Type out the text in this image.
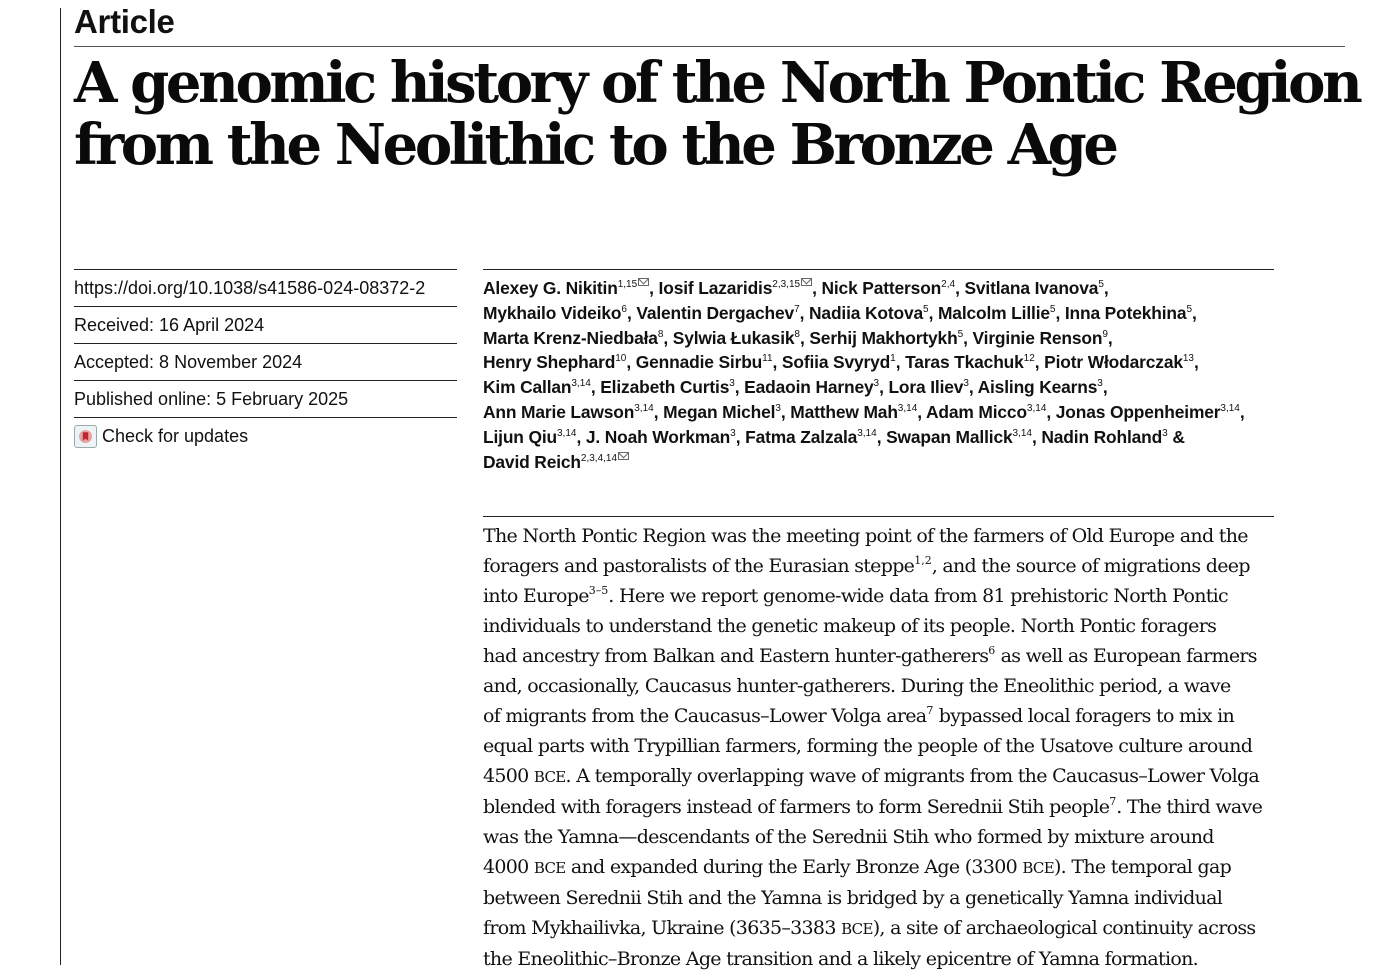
Article
A genomic history of the North Pontic Region
from the Neolithic to the Bronze Age
https://doi.org/10.1038/s41586-024-08372-2
Received: 16 April 2024
Accepted: 8 November 2024
Published online: 5 February 2025
Check for updates

Alexey G. Nikitin$^{1,15}$ , Iosif Lazaridis$^{2,3,15}$ , Nick Patterson$^{2,4}$, Svitlana Ivanova$^5$,
Mykhailo Videiko$^6$, Valentin Dergachev$^7$, Nadiia Kotova$^5$, Malcolm Lillie$^5$, Inna Potekhina$^5$,
Marta Krenz-Niedbała$^8$, Sylwia Łukasik$^8$, Serhij Makhortykh$^5$, Virginie Renson$^9$,
Henry Shephard$^{10}$, Gennadie Sirbu$^{11}$, Sofiia Svyryd$^1$, Taras Tkachuk$^{12}$, Piotr Włodarczak$^{13}$,
Kim Callan$^{3,14}$, Elizabeth Curtis$^3$, Eadaoin Harney$^3$, Lora Iliev$^3$, Aisling Kearns$^3$,
Ann Marie Lawson$^{3,14}$, Megan Michel$^3$, Matthew Mah$^{3,14}$, Adam Micco$^{3,14}$, Jonas Oppenheimer$^{3,14}$,
Lijun Qiu$^{3,14}$, J. Noah Workman$^3$, Fatma Zalzala$^{3,14}$, Swapan Mallick$^{3,14}$, Nadin Rohland$^3$ &
David Reich$^{2,3,4,14}$

The North Pontic Region was the meeting point of the farmers of Old Europe and the
foragers and pastoralists of the Eurasian steppe$^{1,2}$, and the source of migrations deep
into Europe$^{3-5}$. Here we report genome-wide data from 81 prehistoric North Pontic
individuals to understand the genetic makeup of its people. North Pontic foragers
had ancestry from Balkan and Eastern hunter-gatherers$^6$ as well as European farmers
and, occasionally, Caucasus hunter-gatherers. During the Eneolithic period, a wave
of migrants from the Caucasus–Lower Volga area$^7$ bypassed local foragers to mix in
equal parts with Trypillian farmers, forming the people of the Usatove culture around
4500 BCE. A temporally overlapping wave of migrants from the Caucasus–Lower Volga
blended with foragers instead of farmers to form Serednii Stih people$^7$. The third wave
was the Yamna—descendants of the Serednii Stih who formed by mixture around
4000 BCE and expanded during the Early Bronze Age (3300 BCE). The temporal gap
between Serednii Stih and the Yamna is bridged by a genetically Yamna individual
from Mykhailivka, Ukraine (3635–3383 BCE), a site of archaeological continuity across
the Eneolithic–Bronze Age transition and a likely epicentre of Yamna formation.
